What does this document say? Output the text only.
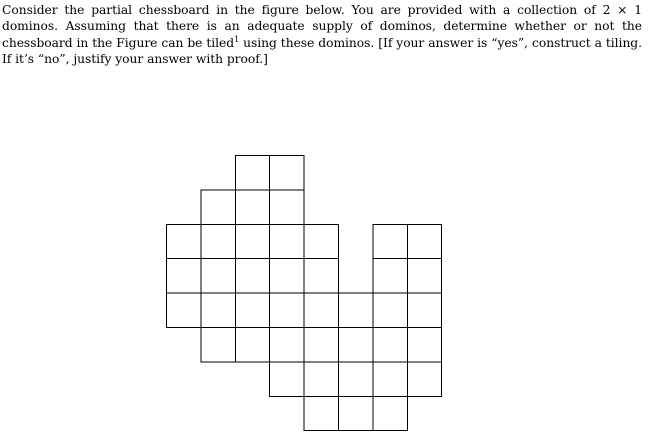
Consider the partial chessboard in the figure below. You are provided with a collection of 2 × 1 dominos. Assuming that there is an adequate supply of dominos, determine whether or not the chessboard in the Figure can be tiled$^1$ using these dominos. [If your answer is “yes”, construct a tiling. If it’s “no”, justify your answer with proof.]
